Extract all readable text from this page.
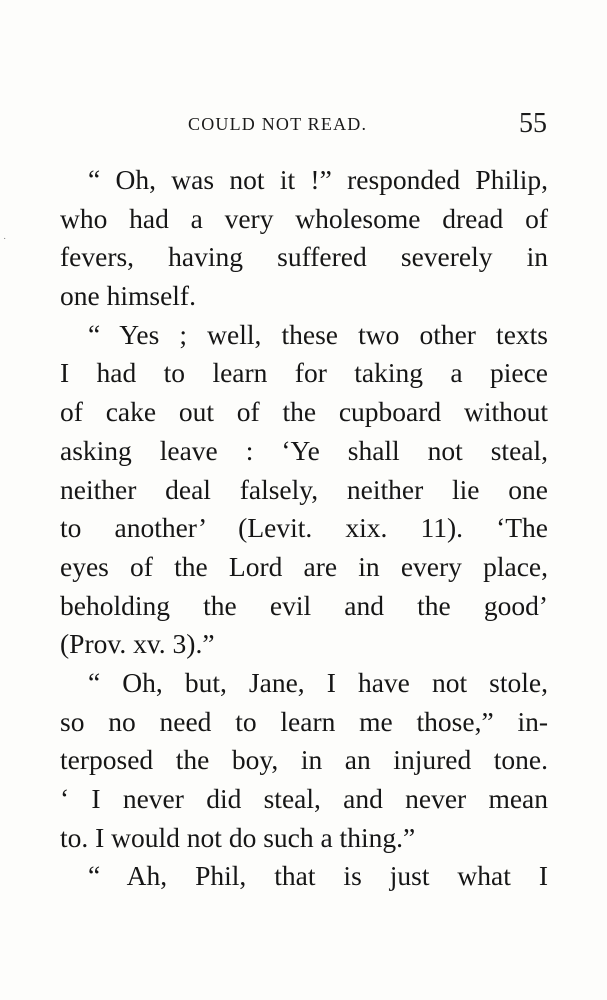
˙
COULD NOT READ.	55
“ Oh, was not it !” responded Philip,
who had a very wholesome dread of
fevers, having suffered severely in
one himself.
“ Yes ; well, these two other texts
I had to learn for taking a piece
of cake out of the cupboard without
asking leave : ‘Ye shall not steal,
neither deal falsely, neither lie one
to another’ (Levit. xix. 11). ‘The
eyes of the Lord are in every place,
beholding the evil and the good’
(Prov. xv. 3).”
“ Oh, but, Jane, I have not stole,
so no need to learn me those,” in-
terposed the boy, in an injured tone.
‘ I never did steal, and never mean
to. I would not do such a thing.”
“ Ah, Phil, that is just what I
